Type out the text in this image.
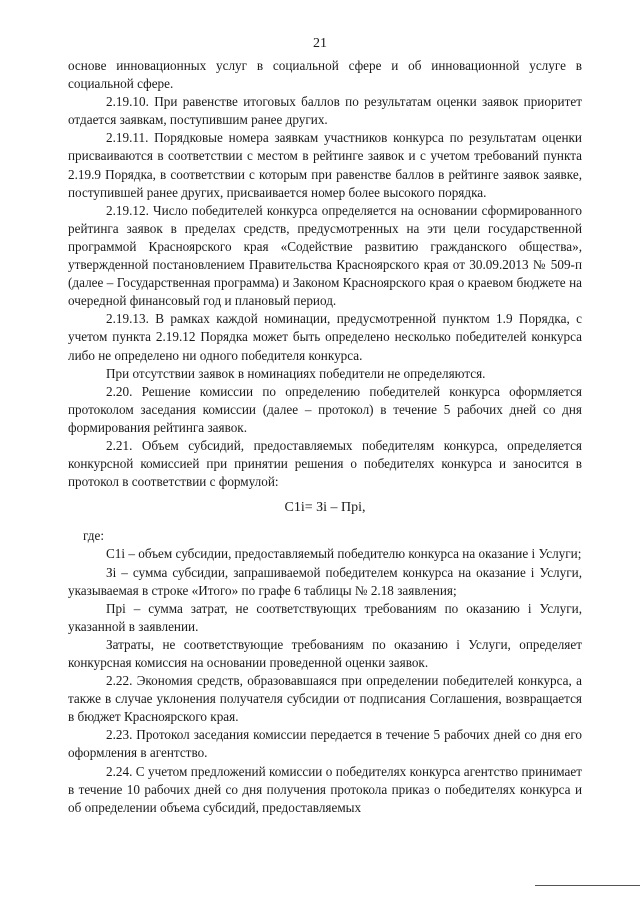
21

основе инновационных услуг в социальной сфере и об инновационной услуге в социальной сфере.

2.19.10. При равенстве итоговых баллов по результатам оценки заявок приоритет отдается заявкам, поступившим ранее других.

2.19.11. Порядковые номера заявкам участников конкурса по результатам оценки присваиваются в соответствии с местом в рейтинге заявок и с учетом требований пункта 2.19.9 Порядка, в соответствии с которым при равенстве баллов в рейтинге заявок заявке, поступившей ранее других, присваивается номер более высокого порядка.

2.19.12. Число победителей конкурса определяется на основании сформированного рейтинга заявок в пределах средств, предусмотренных на эти цели государственной программой Красноярского края «Содействие развитию гражданского общества», утвержденной постановлением Правительства Красноярского края от 30.09.2013 № 509-п (далее – Государственная программа) и Законом Красноярского края о краевом бюджете на очередной финансовый год и плановый период.

2.19.13. В рамках каждой номинации, предусмотренной пунктом 1.9 Порядка, с учетом пункта 2.19.12 Порядка может быть определено несколько победителей конкурса либо не определено ни одного победителя конкурса.

При отсутствии заявок в номинациях победители не определяются.

2.20. Решение комиссии по определению победителей конкурса оформляется протоколом заседания комиссии (далее – протокол) в течение 5 рабочих дней со дня формирования рейтинга заявок.

2.21. Объем субсидий, предоставляемых победителям конкурса, определяется конкурсной комиссией при принятии решения о победителях конкурса и заносится в протокол в соответствии с формулой:

C1i= Зi – Пpi,

где:

C1i – объем субсидии, предоставляемый победителю конкурса на оказание i Услуги;

Зi – сумма субсидии, запрашиваемой победителем конкурса на оказание i Услуги, указываемая в строке «Итого» по графе 6 таблицы № 2.18 заявления;

Пpi – сумма затрат, не соответствующих требованиям по оказанию i Услуги, указанной в заявлении.

Затраты, не соответствующие требованиям по оказанию i Услуги, определяет конкурсная комиссия на основании проведенной оценки заявок.

2.22. Экономия средств, образовавшаяся при определении победителей конкурса, а также в случае уклонения получателя субсидии от подписания Соглашения, возвращается в бюджет Красноярского края.

2.23. Протокол заседания комиссии передается в течение 5 рабочих дней со дня его оформления в агентство.

2.24. С учетом предложений комиссии о победителях конкурса агентство принимает в течение 10 рабочих дней со дня получения протокола приказ о победителях конкурса и об определении объема субсидий, предоставляемых
